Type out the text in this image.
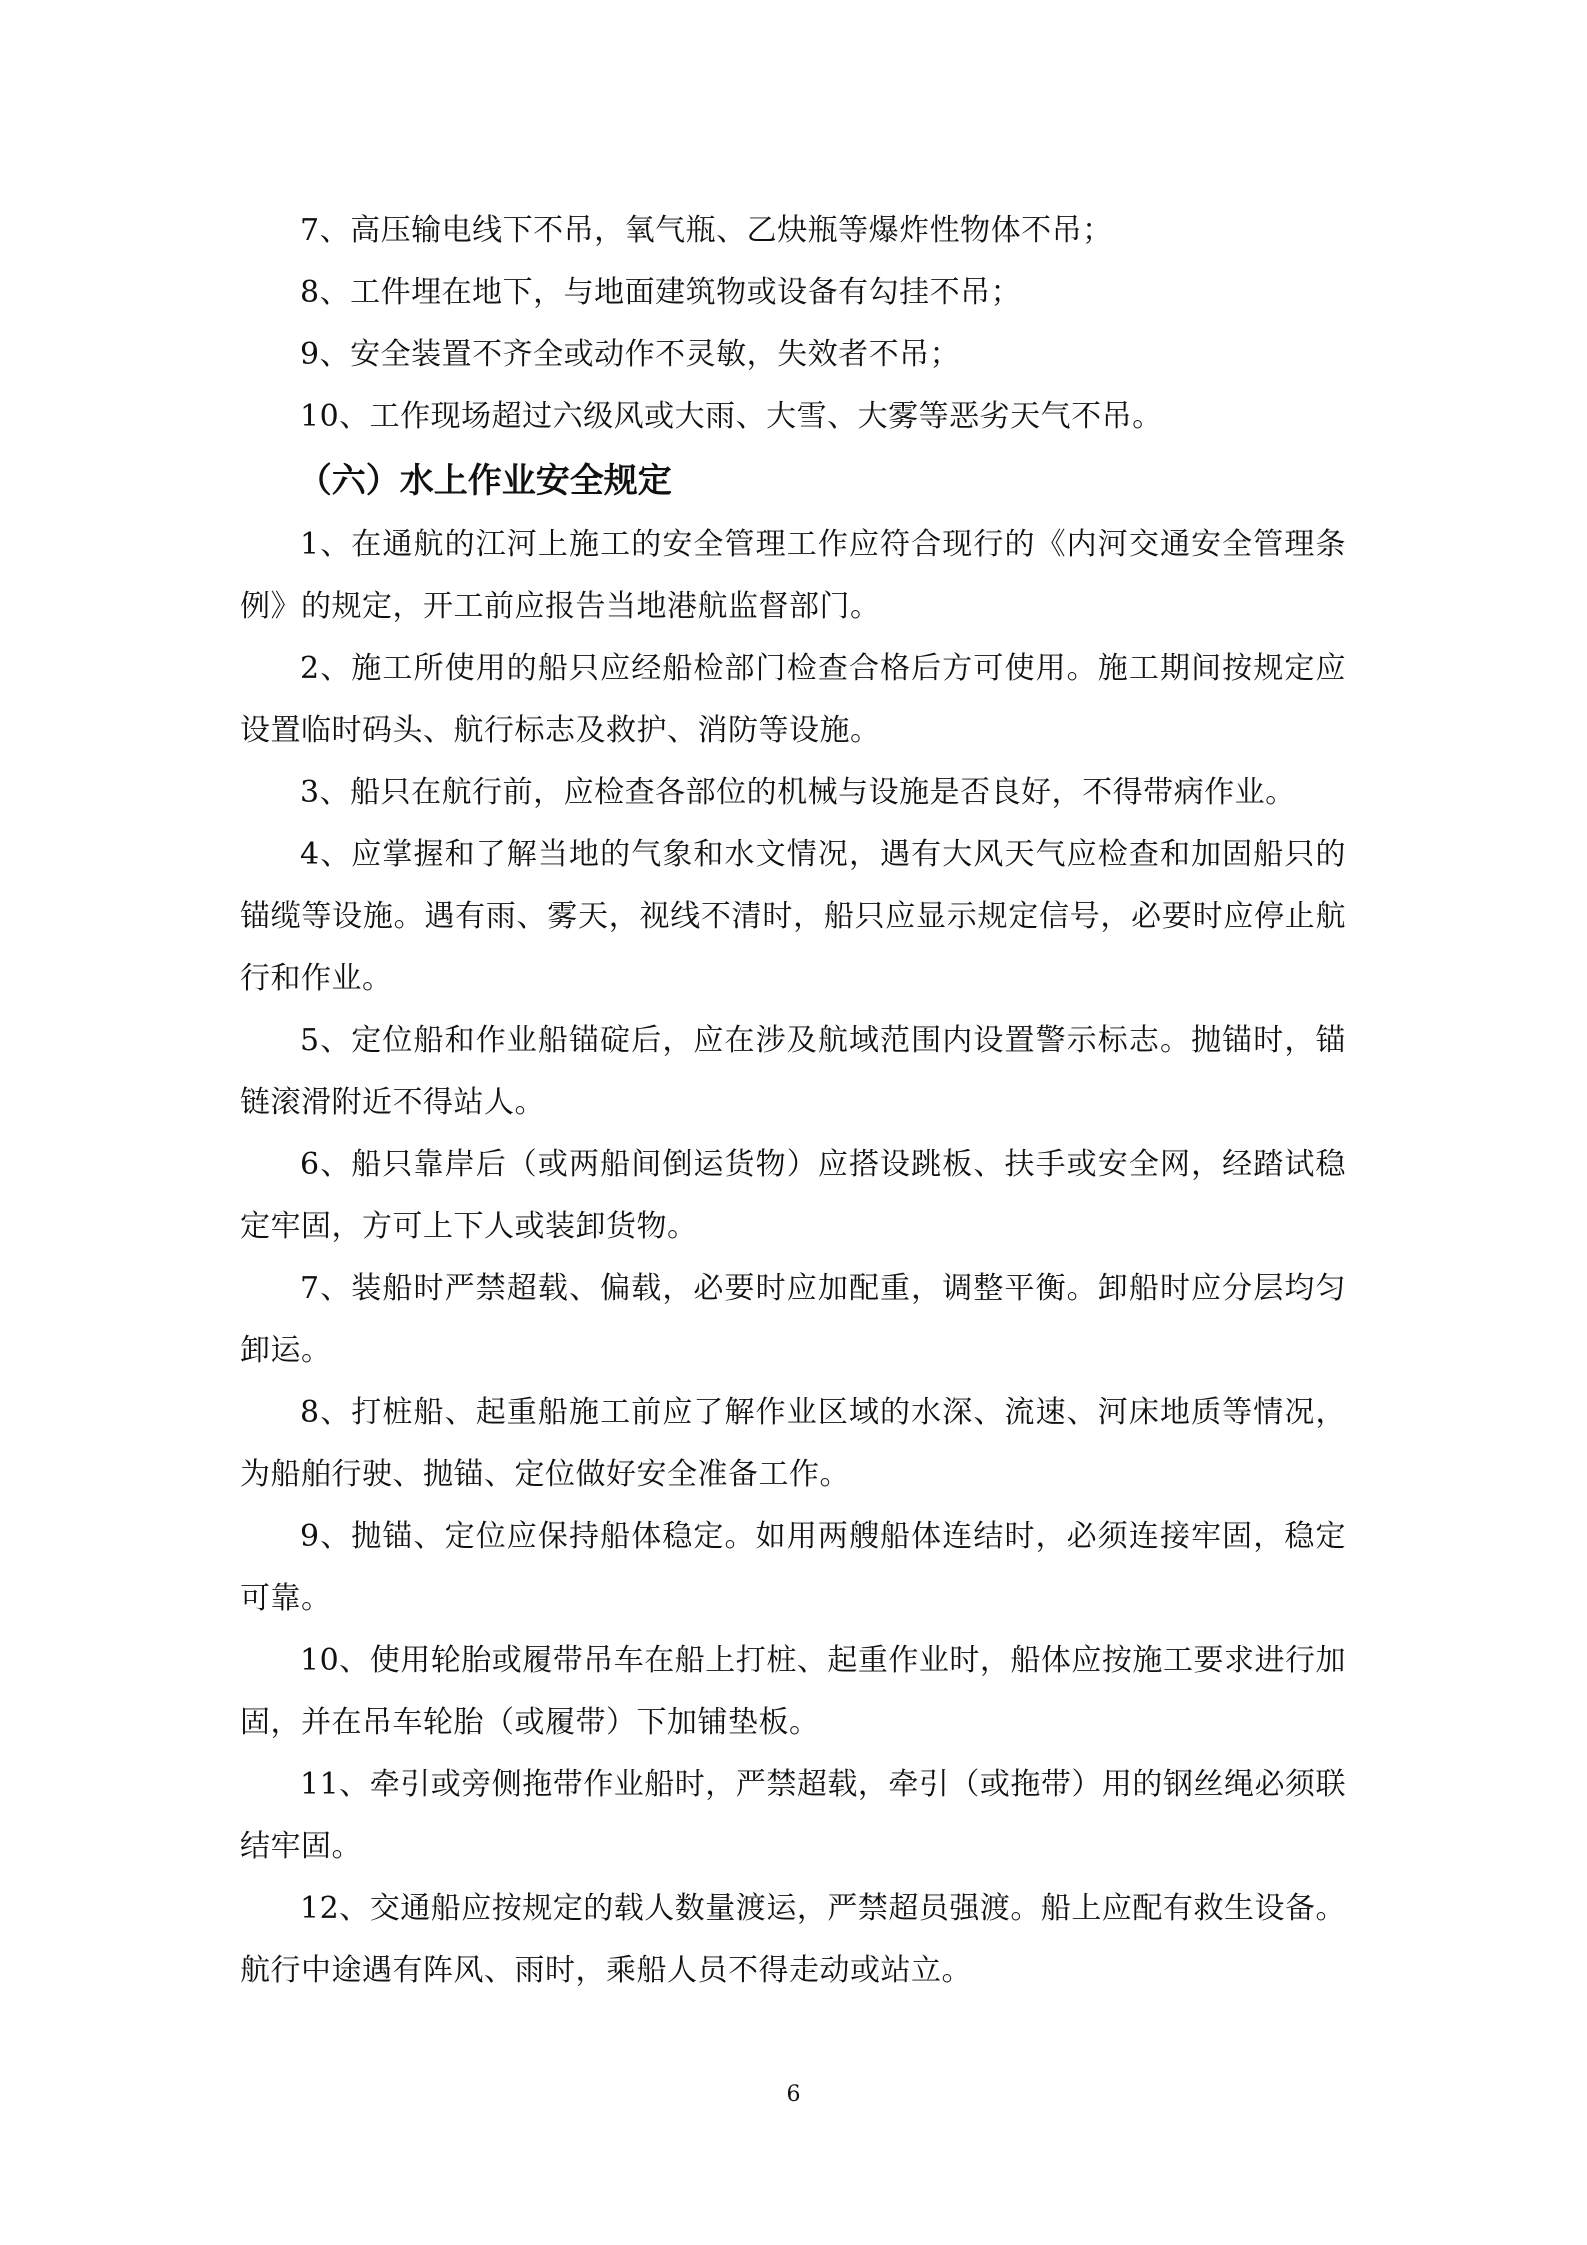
7、高压输电线下不吊，氧气瓶、乙炔瓶等爆炸性物体不吊；

8、工件埋在地下，与地面建筑物或设备有勾挂不吊；

9、安全装置不齐全或动作不灵敏，失效者不吊；

10、工作现场超过六级风或大雨、大雪、大雾等恶劣天气不吊。

（六）水上作业安全规定

1、在通航的江河上施工的安全管理工作应符合现行的《内河交通安全管理条例》的规定，开工前应报告当地港航监督部门。

2、施工所使用的船只应经船检部门检查合格后方可使用。施工期间按规定应设置临时码头、航行标志及救护、消防等设施。

3、船只在航行前，应检查各部位的机械与设施是否良好，不得带病作业。

4、应掌握和了解当地的气象和水文情况，遇有大风天气应检查和加固船只的锚缆等设施。遇有雨、雾天，视线不清时，船只应显示规定信号，必要时应停止航行和作业。

5、定位船和作业船锚碇后，应在涉及航域范围内设置警示标志。抛锚时，锚链滚滑附近不得站人。

6、船只靠岸后（或两船间倒运货物）应搭设跳板、扶手或安全网，经踏试稳定牢固，方可上下人或装卸货物。

7、装船时严禁超载、偏载，必要时应加配重，调整平衡。卸船时应分层均匀卸运。

8、打桩船、起重船施工前应了解作业区域的水深、流速、河床地质等情况，为船舶行驶、抛锚、定位做好安全准备工作。

9、抛锚、定位应保持船体稳定。如用两艘船体连结时，必须连接牢固，稳定可靠。

10、使用轮胎或履带吊车在船上打桩、起重作业时，船体应按施工要求进行加固，并在吊车轮胎（或履带）下加铺垫板。

11、牵引或旁侧拖带作业船时，严禁超载，牵引（或拖带）用的钢丝绳必须联结牢固。

12、交通船应按规定的载人数量渡运，严禁超员强渡。船上应配有救生设备。航行中途遇有阵风、雨时，乘船人员不得走动或站立。

6
